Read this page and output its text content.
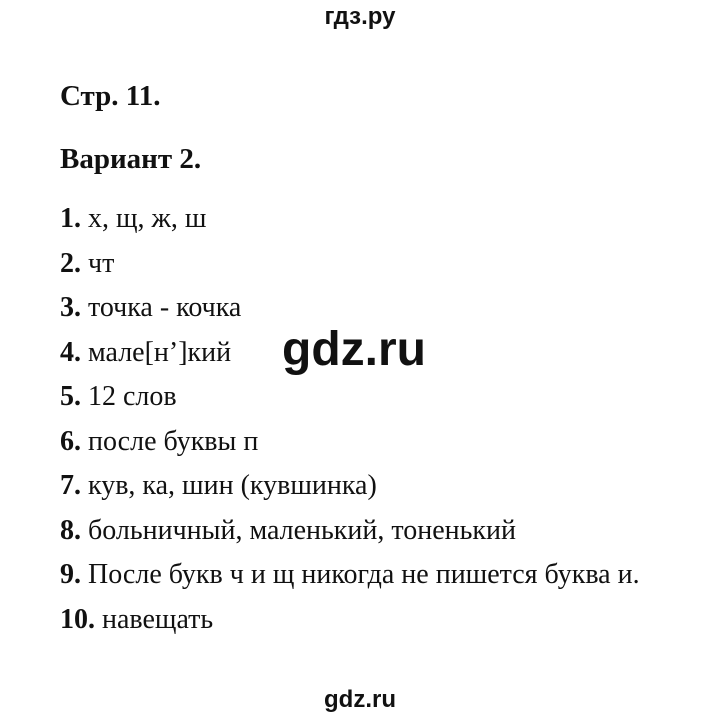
гдз.ру
Стр. 11.
Вариант 2.
1. х, щ, ж, ш
2. чт
3. точка - кочка
4. мале[н’]кий
5. 12 слов
6. после буквы п
7. кув, ка, шин (кувшинка)
8. больничный, маленький, тоненький
9. После букв ч и щ никогда не пишется буква и.
10. навещать
gdz.ru
gdz.ru
